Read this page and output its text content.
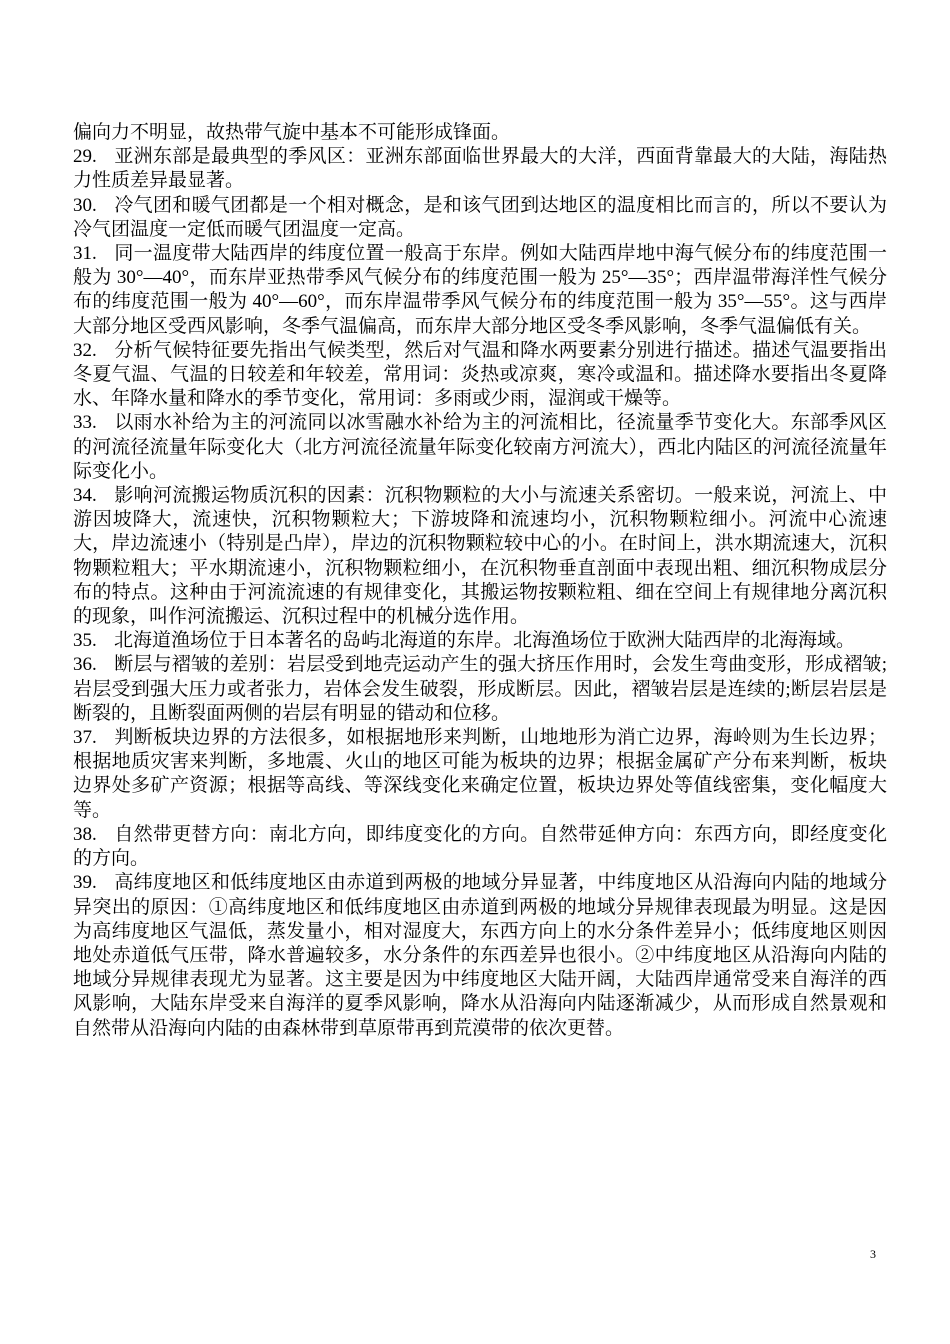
偏向力不明显，故热带气旋中基本不可能形成锋面。

29. 亚洲东部是最典型的季风区：亚洲东部面临世界最大的大洋，西面背靠最大的大陆，海陆热力性质差异最显著。

30. 冷气团和暖气团都是一个相对概念，是和该气团到达地区的温度相比而言的，所以不要认为冷气团温度一定低而暖气团温度一定高。

31. 同一温度带大陆西岸的纬度位置一般高于东岸。例如大陆西岸地中海气候分布的纬度范围一般为 30°—40°，而东岸亚热带季风气候分布的纬度范围一般为 25°—35°；西岸温带海洋性气候分布的纬度范围一般为 40°—60°，而东岸温带季风气候分布的纬度范围一般为 35°—55°。这与西岸大部分地区受西风影响，冬季气温偏高，而东岸大部分地区受冬季风影响，冬季气温偏低有关。

32. 分析气候特征要先指出气候类型，然后对气温和降水两要素分别进行描述。描述气温要指出冬夏气温、气温的日较差和年较差，常用词：炎热或凉爽，寒冷或温和。描述降水要指出冬夏降水、年降水量和降水的季节变化，常用词：多雨或少雨，湿润或干燥等。

33. 以雨水补给为主的河流同以冰雪融水补给为主的河流相比，径流量季节变化大。东部季风区的河流径流量年际变化大（北方河流径流量年际变化较南方河流大），西北内陆区的河流径流量年际变化小。

34. 影响河流搬运物质沉积的因素：沉积物颗粒的大小与流速关系密切。一般来说，河流上、中游因坡降大，流速快，沉积物颗粒大；下游坡降和流速均小，沉积物颗粒细小。河流中心流速大，岸边流速小（特别是凸岸），岸边的沉积物颗粒较中心的小。在时间上，洪水期流速大，沉积物颗粒粗大；平水期流速小，沉积物颗粒细小，在沉积物垂直剖面中表现出粗、细沉积物成层分布的特点。这种由于河流流速的有规律变化，其搬运物按颗粒粗、细在空间上有规律地分离沉积的现象，叫作河流搬运、沉积过程中的机械分选作用。

35. 北海道渔场位于日本著名的岛屿北海道的东岸。北海渔场位于欧洲大陆西岸的北海海域。

36. 断层与褶皱的差别：岩层受到地壳运动产生的强大挤压作用时，会发生弯曲变形，形成褶皱;岩层受到强大压力或者张力，岩体会发生破裂，形成断层。因此，褶皱岩层是连续的;断层岩层是断裂的，且断裂面两侧的岩层有明显的错动和位移。

37. 判断板块边界的方法很多，如根据地形来判断，山地地形为消亡边界，海岭则为生长边界；根据地质灾害来判断，多地震、火山的地区可能为板块的边界；根据金属矿产分布来判断，板块边界处多矿产资源；根据等高线、等深线变化来确定位置，板块边界处等值线密集，变化幅度大等。

38. 自然带更替方向：南北方向，即纬度变化的方向。自然带延伸方向：东西方向，即经度变化的方向。

39. 高纬度地区和低纬度地区由赤道到两极的地域分异显著，中纬度地区从沿海向内陆的地域分异突出的原因：①高纬度地区和低纬度地区由赤道到两极的地域分异规律表现最为明显。这是因为高纬度地区气温低，蒸发量小，相对湿度大，东西方向上的水分条件差异小；低纬度地区则因地处赤道低气压带，降水普遍较多，水分条件的东西差异也很小。②中纬度地区从沿海向内陆的地域分异规律表现尤为显著。这主要是因为中纬度地区大陆开阔，大陆西岸通常受来自海洋的西风影响，大陆东岸受来自海洋的夏季风影响，降水从沿海向内陆逐渐减少，从而形成自然景观和自然带从沿海向内陆的由森林带到草原带再到荒漠带的依次更替。

3
